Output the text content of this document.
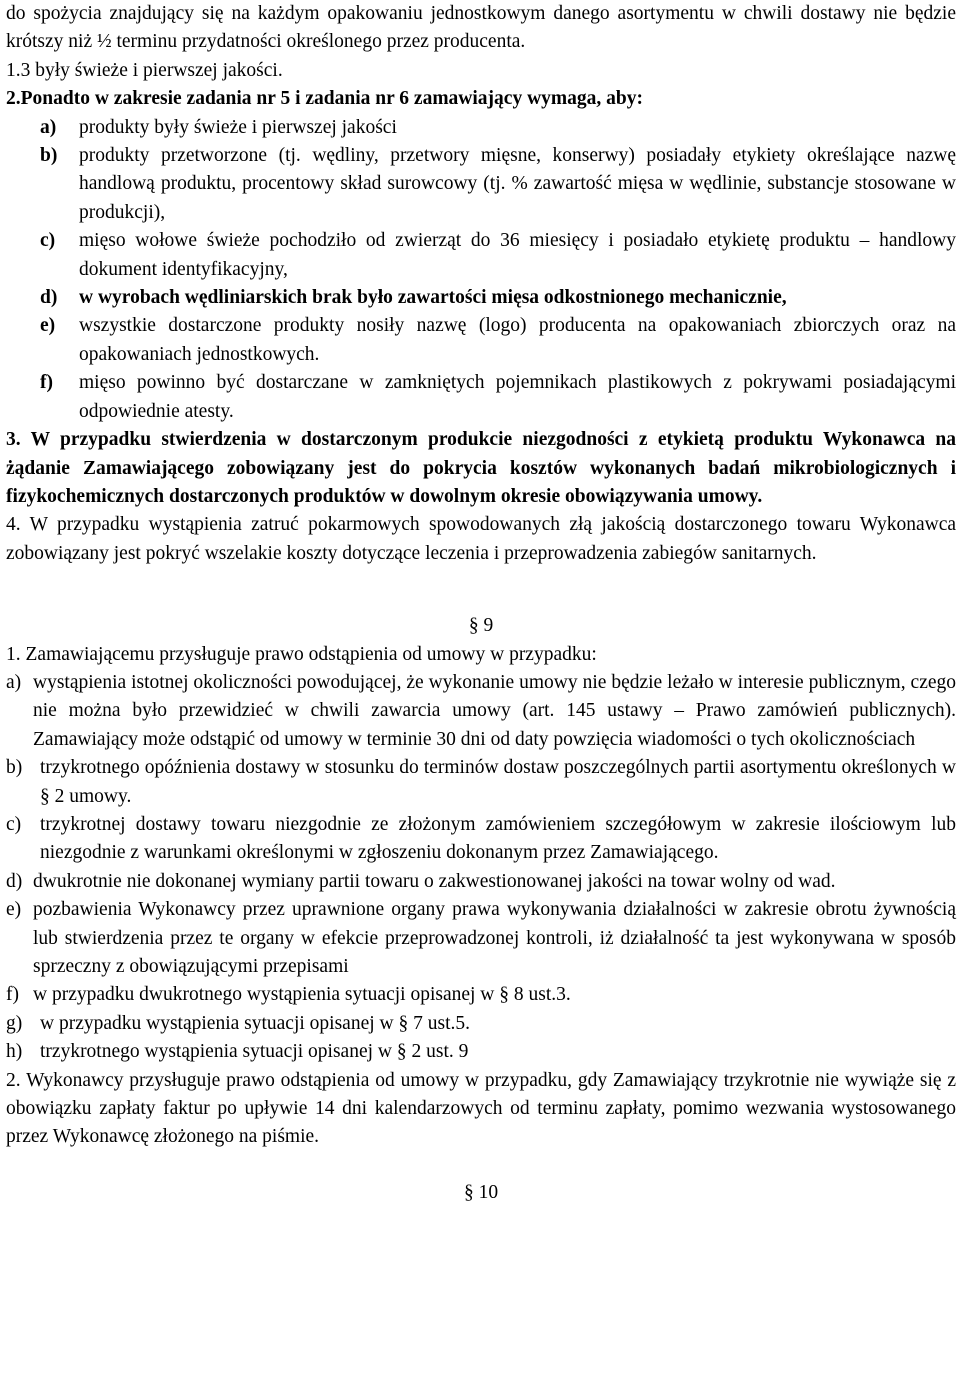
do spożycia znajdujący się na każdym opakowaniu jednostkowym danego asortymentu w chwili dostawy nie będzie krótszy niż ½ terminu przydatności określonego przez producenta.

1.3 były świeże i pierwszej jakości.

2.Ponadto w zakresie zadania nr 5 i zadania nr 6 zamawiający wymaga, aby:

a)	produkty były świeże i pierwszej jakości
b)	produkty przetworzone (tj. wędliny, przetwory mięsne, konserwy) posiadały etykiety określające nazwę handlową produktu, procentowy skład surowcowy (tj. % zawartość mięsa w wędlinie, substancje stosowane w produkcji),
c)	mięso wołowe świeże pochodziło od zwierząt do 36 miesięcy i posiadało etykietę produktu – handlowy dokument identyfikacyjny,
d)	w wyrobach wędliniarskich brak było zawartości mięsa odkostnionego mechanicznie,
e)	wszystkie dostarczone produkty nosiły nazwę (logo) producenta na opakowaniach zbiorczych oraz na opakowaniach jednostkowych.
f)	mięso powinno być dostarczane w zamkniętych pojemnikach plastikowych z pokrywami posiadającymi odpowiednie atesty.

3. W przypadku stwierdzenia w dostarczonym produkcie niezgodności z etykietą produktu Wykonawca na żądanie Zamawiającego zobowiązany jest do pokrycia kosztów wykonanych badań mikrobiologicznych i fizykochemicznych dostarczonych produktów w dowolnym okresie obowiązywania umowy.

4. W przypadku wystąpienia zatruć pokarmowych spowodowanych złą jakością dostarczonego towaru Wykonawca zobowiązany jest pokryć wszelakie koszty dotyczące leczenia i przeprowadzenia zabiegów sanitarnych.

§ 9

1. Zamawiającemu przysługuje prawo odstąpienia od umowy w przypadku:

a) wystąpienia istotnej okoliczności powodującej, że wykonanie umowy nie będzie leżało w interesie publicznym, czego nie można było przewidzieć w chwili zawarcia umowy (art. 145 ustawy – Prawo zamówień publicznych). Zamawiający może odstąpić od umowy w terminie 30 dni od daty powzięcia wiadomości o tych okolicznościach
b) trzykrotnego opóźnienia dostawy w stosunku do terminów dostaw poszczególnych partii asortymentu określonych w § 2 umowy.
c) trzykrotnej dostawy towaru niezgodnie ze złożonym zamówieniem szczegółowym w zakresie ilościowym lub niezgodnie z warunkami określonymi w zgłoszeniu dokonanym przez Zamawiającego.
d) dwukrotnie nie dokonanej wymiany partii towaru o zakwestionowanej jakości na towar wolny od wad.
e) pozbawienia Wykonawcy przez uprawnione organy prawa wykonywania działalności w zakresie obrotu żywnością lub stwierdzenia przez te organy w efekcie przeprowadzonej kontroli, iż działalność ta jest wykonywana w sposób sprzeczny z obowiązującymi przepisami
f) w przypadku dwukrotnego wystąpienia sytuacji opisanej w § 8 ust.3.
g) w przypadku wystąpienia sytuacji opisanej w § 7 ust.5.
h) trzykrotnego wystąpienia sytuacji opisanej w § 2 ust. 9

2. Wykonawcy przysługuje prawo odstąpienia od umowy w przypadku, gdy Zamawiający trzykrotnie nie wywiąże się z obowiązku zapłaty faktur po upływie 14 dni kalendarzowych od terminu zapłaty, pomimo wezwania wystosowanego przez Wykonawcę złożonego na piśmie.

§ 10
